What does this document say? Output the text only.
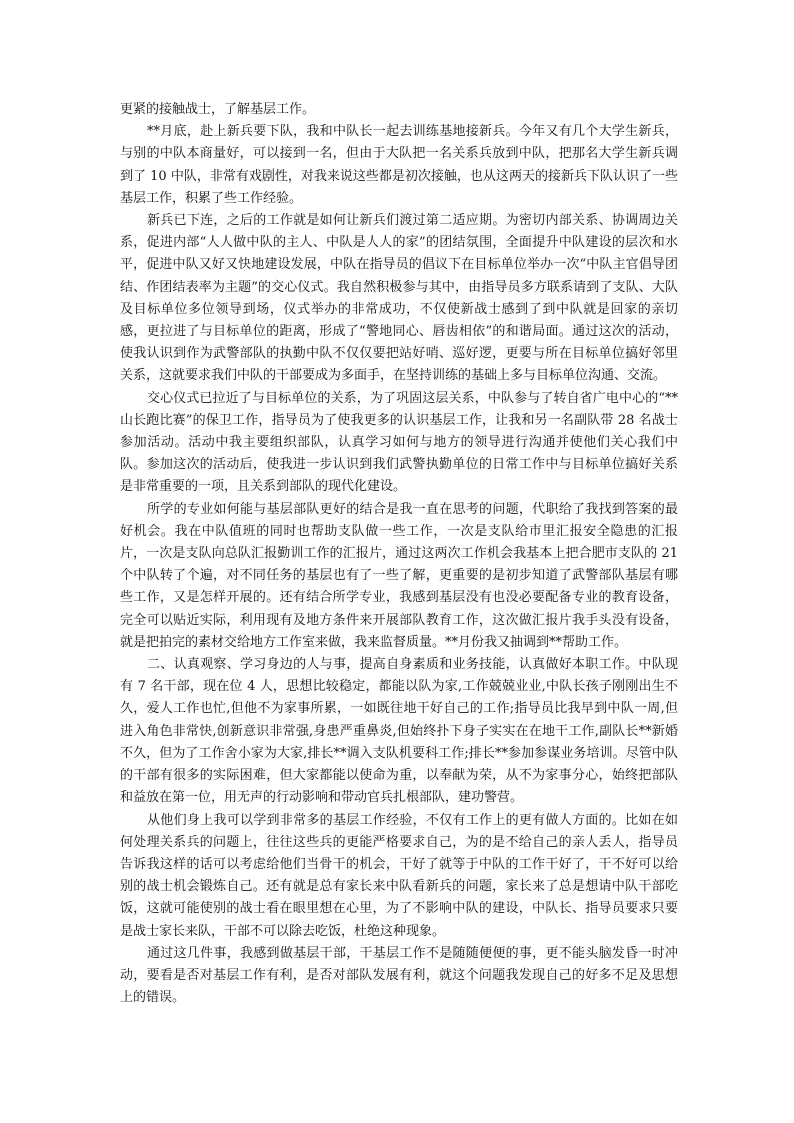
更紧的接触战士，了解基层工作。

**月底，赴上新兵要下队，我和中队长一起去训练基地接新兵。今年又有几个大学生新兵，与别的中队本商量好，可以接到一名，但由于大队把一名关系兵放到中队，把那名大学生新兵调到了 10 中队，非常有戏剧性，对我来说这些都是初次接触，也从这两天的接新兵下队认识了一些基层工作，积累了些工作经验。

新兵已下连，之后的工作就是如何让新兵们渡过第二适应期。为密切内部关系、协调周边关系，促进内部“人人做中队的主人、中队是人人的家”的团结氛围，全面提升中队建设的层次和水平，促进中队又好又快地建设发展，中队在指导员的倡议下在目标单位举办一次“中队主官倡导团结、作团结表率为主题”的交心仪式。我自然积极参与其中，由指导员多方联系请到了支队、大队及目标单位多位领导到场，仪式举办的非常成功，不仅使新战士感到了到中队就是回家的亲切感，更拉进了与目标单位的距离，形成了“警地同心、唇齿相依”的和谐局面。通过这次的活动，使我认识到作为武警部队的执勤中队不仅仅要把站好哨、巡好逻，更要与所在目标单位搞好邻里关系，这就要求我们中队的干部要成为多面手，在坚持训练的基础上多与目标单位沟通、交流。

交心仪式已拉近了与目标单位的关系，为了巩固这层关系，中队参与了转自省广电中心的“**山长跑比赛”的保卫工作，指导员为了使我更多的认识基层工作，让我和另一名副队带 28 名战士参加活动。活动中我主要组织部队，认真学习如何与地方的领导进行沟通并使他们关心我们中队。参加这次的活动后，使我进一步认识到我们武警执勤单位的日常工作中与目标单位搞好关系是非常重要的一项，且关系到部队的现代化建设。

所学的专业如何能与基层部队更好的结合是我一直在思考的问题，代职给了我找到答案的最好机会。我在中队值班的同时也帮助支队做一些工作，一次是支队给市里汇报安全隐患的汇报片，一次是支队向总队汇报勤训工作的汇报片，通过这两次工作机会我基本上把合肥市支队的 21 个中队转了个遍，对不同任务的基层也有了一些了解，更重要的是初步知道了武警部队基层有哪些工作，又是怎样开展的。还有结合所学专业，我感到基层没有也没必要配备专业的教育设备，完全可以贴近实际，利用现有及地方条件来开展部队教育工作，这次做汇报片我手头没有设备，就是把拍完的素材交给地方工作室来做，我来监督质量。**月份我又抽调到**帮助工作。

二、认真观察、学习身边的人与事，提高自身素质和业务技能，认真做好本职工作。中队现有 7 名干部，现在位 4 人，思想比较稳定，都能以队为家,工作兢兢业业,中队长孩子刚刚出生不久，爱人工作也忙,但他不为家事所累，一如既往地干好自己的工作;指导员比我早到中队一周,但进入角色非常快,创新意识非常强,身患严重鼻炎,但始终扑下身子实实在在地干工作,副队长**新婚不久，但为了工作舍小家为大家,排长**调入支队机要科工作;排长**参加参谋业务培训。尽管中队的干部有很多的实际困难，但大家都能以使命为重，以奉献为荣，从不为家事分心，始终把部队和益放在第一位，用无声的行动影响和带动官兵扎根部队，建功警营。

从他们身上我可以学到非常多的基层工作经验，不仅有工作上的更有做人方面的。比如在如何处理关系兵的问题上，往往这些兵的更能严格要求自己，为的是不给自己的亲人丢人，指导员告诉我这样的话可以考虑给他们当骨干的机会，干好了就等于中队的工作干好了，干不好可以给别的战士机会锻炼自己。还有就是总有家长来中队看新兵的问题，家长来了总是想请中队干部吃饭，这就可能使别的战士看在眼里想在心里，为了不影响中队的建设，中队长、指导员要求只要是战士家长来队，干部不可以除去吃饭，杜绝这种现象。

通过这几件事，我感到做基层干部，干基层工作不是随随便便的事，更不能头脑发昏一时冲动，要看是否对基层工作有利，是否对部队发展有利，就这个问题我发现自己的好多不足及思想上的错误。
